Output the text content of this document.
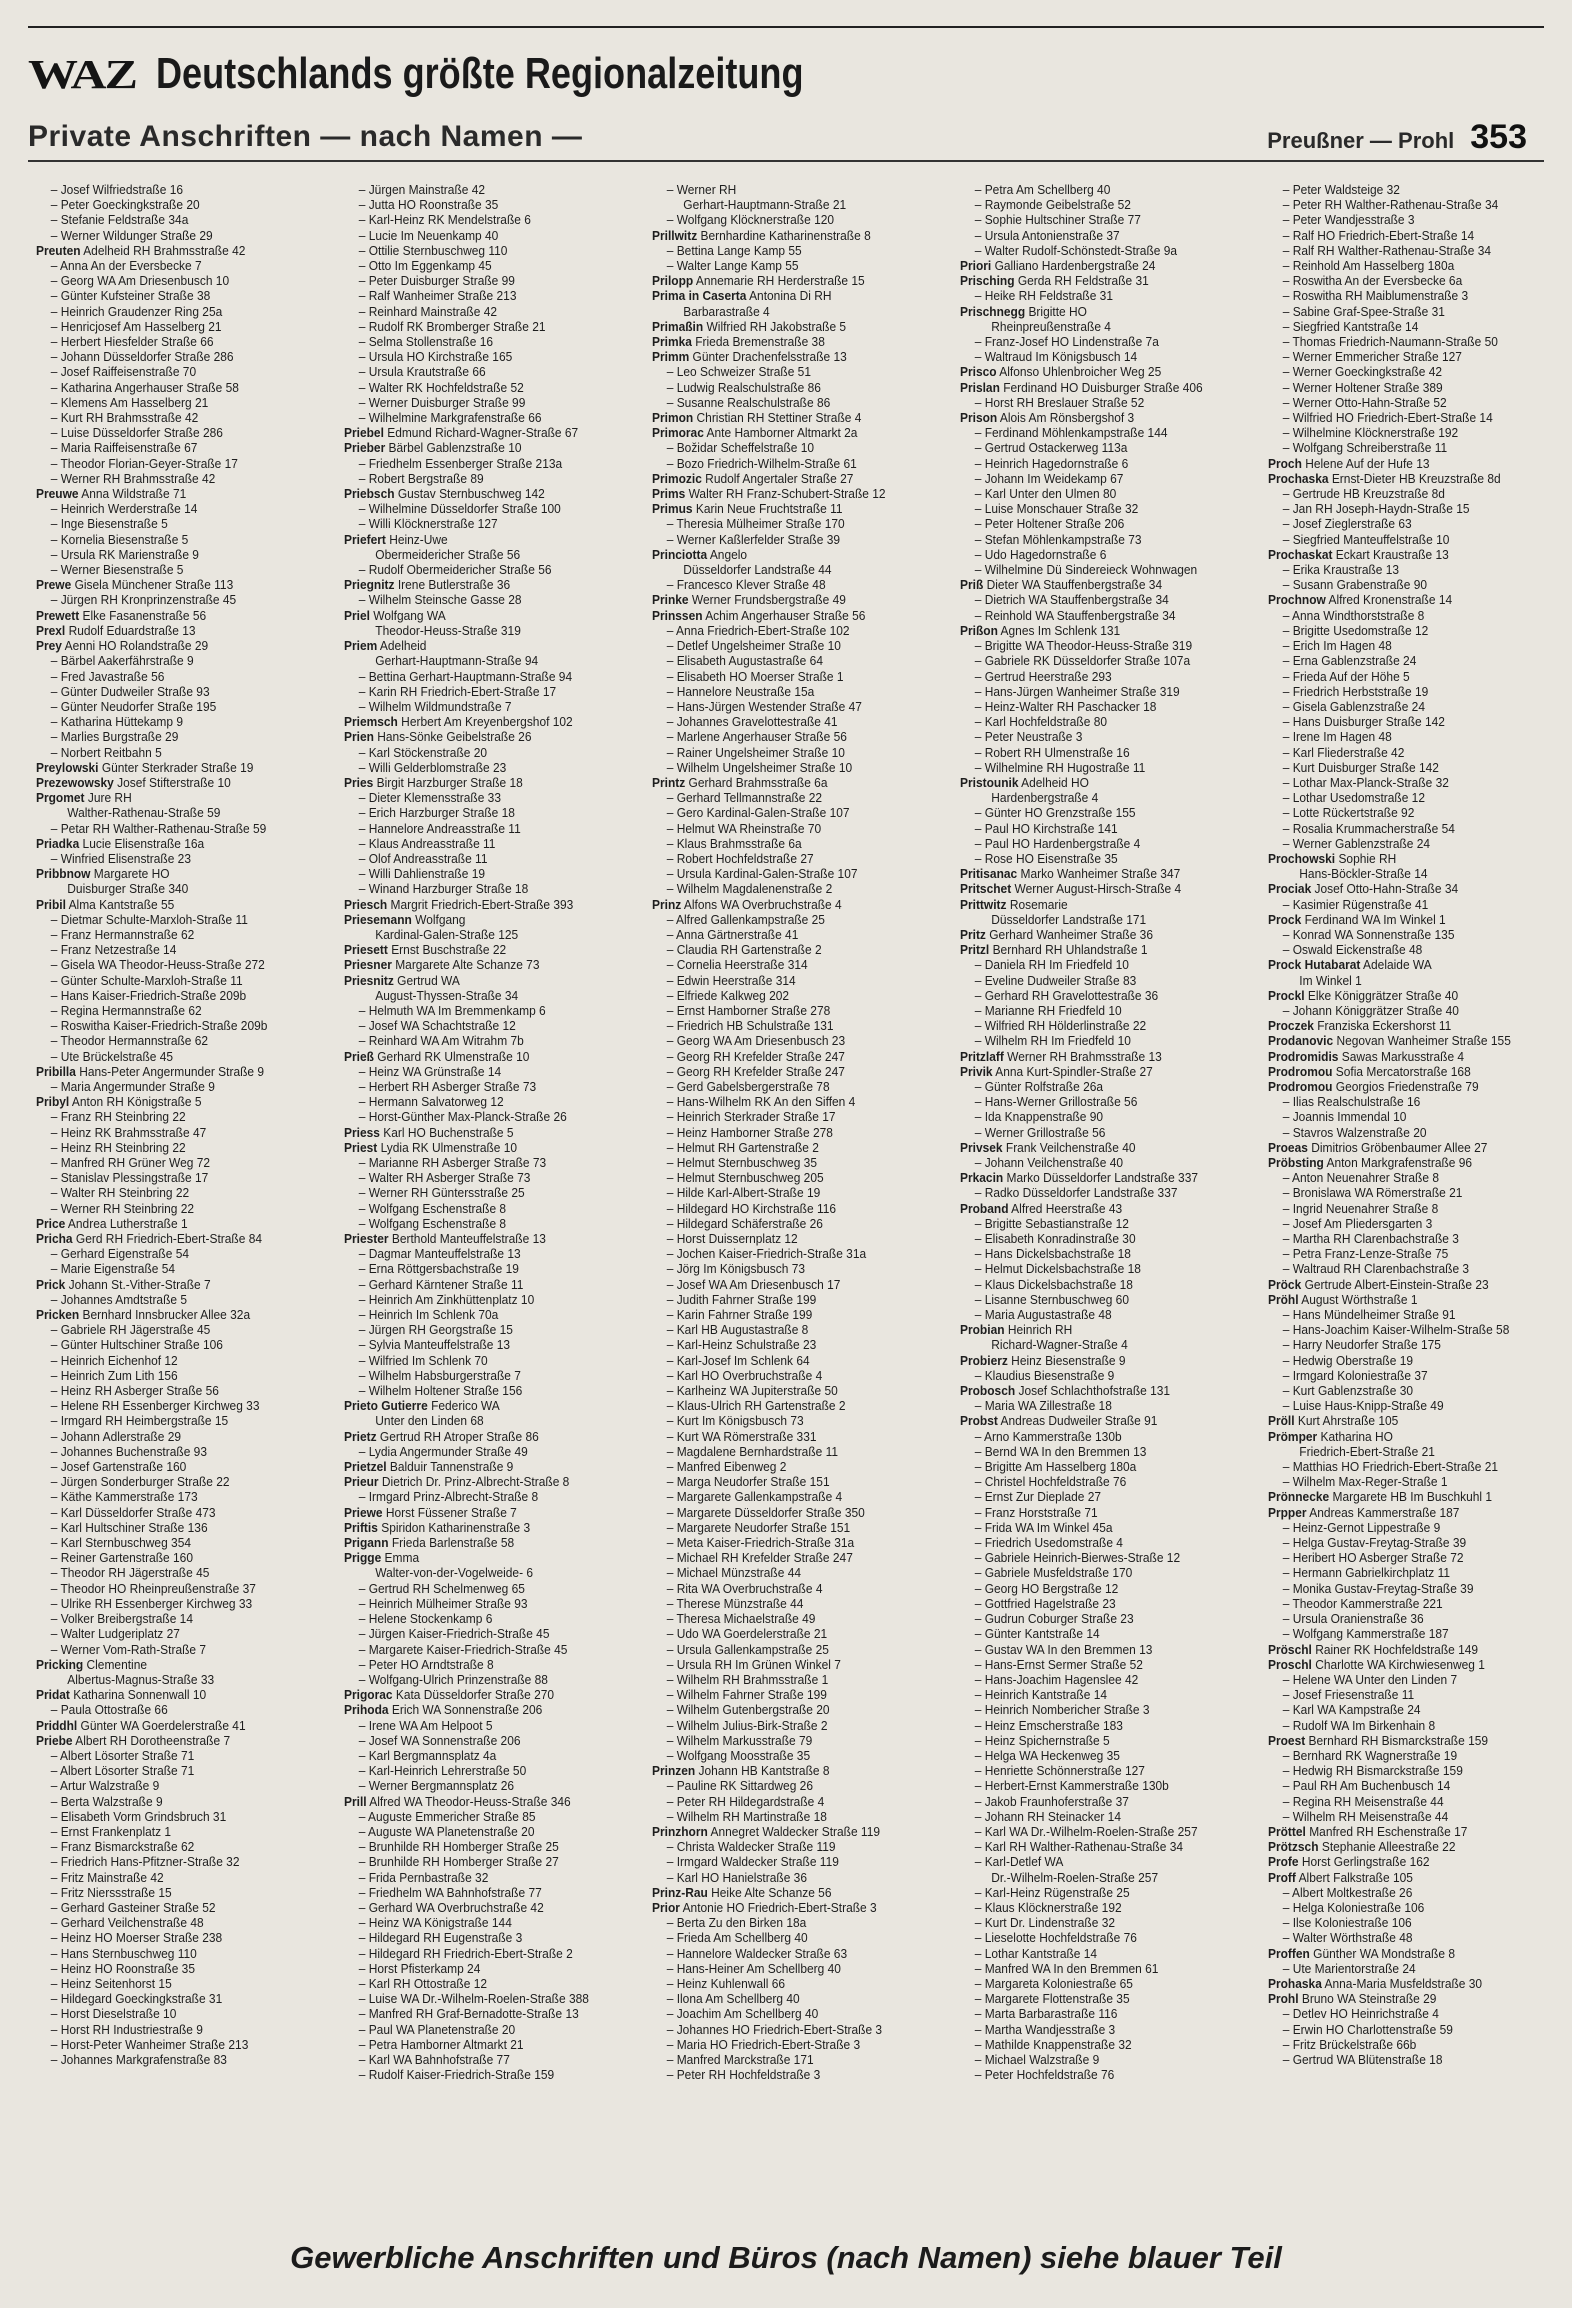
WAZ Deutschlands größte Regionalzeitung
Private Anschriften — nach Namen —	Preußner — Prohl 353
– Josef Wilfriedstraße 16
– Peter Goeckingkstraße 20
– Stefanie Feldstraße 34a
– Werner Wildunger Straße 29
Preuten Adelheid RH Brahmsstraße 42
– Anna An der Eversbecke 7
– Georg WA Am Driesenbusch 10
– Günter Kufsteiner Straße 38
– Heinrich Graudenzer Ring 25a
– Henricjosef Am Hasselberg 21
– Herbert Hiesfelder Straße 66
– Johann Düsseldorfer Straße 286
– Josef Raiffeisenstraße 70
– Katharina Angerhauser Straße 58
– Klemens Am Hasselberg 21
– Kurt RH Brahmsstraße 42
– Luise Düsseldorfer Straße 286
– Maria Raiffeisenstraße 67
– Theodor Florian-Geyer-Straße 17
– Werner RH Brahmsstraße 42
Preuwe Anna Wildstraße 71
– Heinrich Werderstraße 14
– Inge Biesenstraße 5
– Kornelia Biesenstraße 5
– Ursula RK Marienstraße 9
– Werner Biesenstraße 5
Prewe Gisela Münchener Straße 113
– Jürgen RH Kronprinzenstraße 45
Prewett Elke Fasanenstraße 56
Prexl Rudolf Eduardstraße 13
Prey Aenni HO Rolandstraße 29
– Bärbel Aakerfährstraße 9
– Fred Javastraße 56
– Günter Dudweiler Straße 93
– Günter Neudorfer Straße 195
– Katharina Hüttekamp 9
– Marlies Burgstraße 29
– Norbert Reitbahn 5
Preylowski Günter Sterkrader Straße 19
Prezewowsky Josef Stifterstraße 10
Prgomet Jure RH
Walther-Rathenau-Straße 59
– Petar RH Walther-Rathenau-Straße 59
Priadka Lucie Elisenstraße 16a
– Winfried Elisenstraße 23
Pribbnow Margarete HO
Duisburger Straße 340
Pribil Alma Kantstraße 55
– Dietmar Schulte-Marxloh-Straße 11
– Franz Hermannstraße 62
– Franz Netzestraße 14
– Gisela WA Theodor-Heuss-Straße 272
– Günter Schulte-Marxloh-Straße 11
– Hans Kaiser-Friedrich-Straße 209b
– Regina Hermannstraße 62
– Roswitha Kaiser-Friedrich-Straße 209b
– Theodor Hermannstraße 62
– Ute Brückelstraße 45
Pribilla Hans-Peter Angermunder Straße 9
– Maria Angermunder Straße 9
Pribyl Anton RH Königstraße 5
– Franz RH Steinbring 22
– Heinz RK Brahmsstraße 47
– Heinz RH Steinbring 22
– Manfred RH Grüner Weg 72
– Stanislav Plessingstraße 17
– Walter RH Steinbring 22
– Werner RH Steinbring 22
Price Andrea Lutherstraße 1
Pricha Gerd RH Friedrich-Ebert-Straße 84
– Gerhard Eigenstraße 54
– Marie Eigenstraße 54
Prick Johann St.-Vither-Straße 7
– Johannes Amdtstraße 5
Pricken Bernhard Innsbrucker Allee 32a
– Gabriele RH Jägerstraße 45
– Günter Hultschiner Straße 106
– Heinrich Eichenhof 12
– Heinrich Zum Lith 156
– Heinz RH Asberger Straße 56
– Helene RH Essenberger Kirchweg 33
– Irmgard RH Heimbergstraße 15
– Johann Adlerstraße 29
– Johannes Buchenstraße 93
– Josef Gartenstraße 160
– Jürgen Sonderburger Straße 22
– Käthe Kammerstraße 173
– Karl Düsseldorfer Straße 473
– Karl Hultschiner Straße 136
– Karl Sternbuschweg 354
– Reiner Gartenstraße 160
– Theodor RH Jägerstraße 45
– Theodor HO Rheinpreußenstraße 37
– Ulrike RH Essenberger Kirchweg 33
– Volker Breibergstraße 14
– Walter Ludgeriplatz 27
– Werner Vom-Rath-Straße 7
Pricking Clementine
Albertus-Magnus-Straße 33
Pridat Katharina Sonnenwall 10
– Paula Ottostraße 66
Priddhl Günter WA Goerdelerstraße 41
Priebe Albert RH Dorotheenstraße 7
– Albert Lösorter Straße 71
– Albert Lösorter Straße 71
– Artur Walzstraße 9
– Berta Walzstraße 9
– Elisabeth Vorm Grindsbruch 31
– Ernst Frankenplatz 1
– Franz Bismarckstraße 62
– Friedrich Hans-Pfitzner-Straße 32
– Fritz Mainstraße 42
– Fritz Nierssstraße 15
– Gerhard Gasteiner Straße 52
– Gerhard Veilchenstraße 48
– Heinz HO Moerser Straße 238
– Hans Sternbuschweg 110
– Heinz HO Roonstraße 35
– Heinz Seitenhorst 15
– Hildegard Goeckingkstraße 31
– Horst Dieselstraße 10
– Horst RH Industriestraße 9
– Horst-Peter Wanheimer Straße 213
– Johannes Markgrafenstraße 83
– Jürgen Mainstraße 42
– Jutta HO Roonstraße 35
– Karl-Heinz RK Mendelstraße 6
– Lucie Im Neuenkamp 40
– Ottilie Sternbuschweg 110
– Otto Im Eggenkamp 45
– Peter Duisburger Straße 99
– Ralf Wanheimer Straße 213
– Reinhard Mainstraße 42
– Rudolf RK Bromberger Straße 21
– Selma Stollenstraße 16
– Ursula HO Kirchstraße 165
– Ursula Krautstraße 66
– Walter RK Hochfeldstraße 52
– Werner Duisburger Straße 99
– Wilhelmine Markgrafenstraße 66
Priebel Edmund Richard-Wagner-Straße 67
Prieber Bärbel Gablenzstraße 10
– Friedhelm Essenberger Straße 213a
– Robert Bergstraße 89
Priebsch Gustav Sternbuschweg 142
– Wilhelmine Düsseldorfer Straße 100
– Willi Klöcknerstraße 127
Priefert Heinz-Uwe
Obermeidericher Straße 56
– Rudolf Obermeidericher Straße 56
Priegnitz Irene Butlerstraße 36
– Wilhelm Steinsche Gasse 28
Priel Wolfgang WA
Theodor-Heuss-Straße 319
Priem Adelheid
Gerhart-Hauptmann-Straße 94
– Bettina Gerhart-Hauptmann-Straße 94
– Karin RH Friedrich-Ebert-Straße 17
– Wilhelm Wildmundstraße 7
Priemsch Herbert Am Kreyenbergshof 102
Prien Hans-Sönke Geibelstraße 26
– Karl Stöckenstraße 20
– Willi Gelderblomstraße 23
Pries Birgit Harzburger Straße 18
– Dieter Klemensstraße 33
– Erich Harzburger Straße 18
– Hannelore Andreasstraße 11
– Klaus Andreasstraße 11
– Olof Andreasstraße 11
– Willi Dahlienstraße 19
– Winand Harzburger Straße 18
Priesch Margrit Friedrich-Ebert-Straße 393
Priesemann Wolfgang
Kardinal-Galen-Straße 125
Priesett Ernst Buschstraße 22
Priesner Margarete Alte Schanze 73
Priesnitz Gertrud WA
August-Thyssen-Straße 34
– Helmuth WA Im Bremmenkamp 6
– Josef WA Schachtstraße 12
– Reinhard WA Am Witrahm 7b
Prieß Gerhard RK Ulmenstraße 10
– Heinz WA Grünstraße 14
– Herbert RH Asberger Straße 73
– Hermann Salvatorweg 12
– Horst-Günther Max-Planck-Straße 26
Priess Karl HO Buchenstraße 5
Priest Lydia RK Ulmenstraße 10
– Marianne RH Asberger Straße 73
– Walter RH Asberger Straße 73
– Werner RH Güntersstraße 25
– Wolfgang Eschenstraße 8
– Wolfgang Eschenstraße 8
Priester Berthold Manteuffelstraße 13
– Dagmar Manteuffelstraße 13
– Erna Röttgersbachstraße 19
– Gerhard Kärntener Straße 11
– Heinrich Am Zinkhüttenplatz 10
– Heinrich Im Schlenk 70a
– Jürgen RH Georgstraße 15
– Sylvia Manteuffelstraße 13
– Wilfried Im Schlenk 70
– Wilhelm Habsburgerstraße 7
– Wilhelm Holtener Straße 156
Prieto Gutierre Federico WA
Unter den Linden 68
Prietz Gertrud RH Atroper Straße 86
– Lydia Angermunder Straße 49
Prietzel Balduir Tannenstraße 9
Prieur Dietrich Dr. Prinz-Albrecht-Straße 8
– Irmgard Prinz-Albrecht-Straße 8
Priewe Horst Füssener Straße 7
Priftis Spiridon Katharinenstraße 3
Prigann Frieda Barlenstraße 58
Prigge Emma
Walter-von-der-Vogelweide- 6
– Gertrud RH Schelmenweg 65
– Heinrich Mülheimer Straße 93
– Helene Stockenkamp 6
– Jürgen Kaiser-Friedrich-Straße 45
– Margarete Kaiser-Friedrich-Straße 45
– Peter HO Arndtstraße 8
– Wolfgang-Ulrich Prinzenstraße 88
Prigorac Kata Düsseldorfer Straße 270
Prihoda Erich WA Sonnenstraße 206
– Irene WA Am Helpoot 5
– Josef WA Sonnenstraße 206
– Karl Bergmannsplatz 4a
– Karl-Heinrich Lehrerstraße 50
– Werner Bergmannsplatz 26
Prill Alfred WA Theodor-Heuss-Straße 346
– Auguste Emmericher Straße 85
– Auguste WA Planetenstraße 20
– Brunhilde RH Homberger Straße 25
– Brunhilde RH Homberger Straße 27
– Frida Pernbastraße 32
– Friedhelm WA Bahnhofstraße 77
– Gerhard WA Overbruchstraße 42
– Heinz WA Königstraße 144
– Hildegard RH Eugenstraße 3
– Hildegard RH Friedrich-Ebert-Straße 2
– Horst Pfisterkamp 24
– Karl RH Ottostraße 12
– Luise WA Dr.-Wilhelm-Roelen-Straße 388
– Manfred RH Graf-Bernadotte-Straße 13
– Paul WA Planetenstraße 20
– Petra Hamborner Altmarkt 21
– Karl WA Bahnhofstraße 77
– Rudolf Kaiser-Friedrich-Straße 159
– Werner RH
Gerhart-Hauptmann-Straße 21
– Wolfgang Klöcknerstraße 120
Prillwitz Bernhardine Katharinenstraße 8
– Bettina Lange Kamp 55
– Walter Lange Kamp 55
Prilopp Annemarie RH Herderstraße 15
Prima in Caserta Antonina Di RH
Barbarastraße 4
Primaßin Wilfried RH Jakobstraße 5
Primka Frieda Bremenstraße 38
Primm Günter Drachenfelsstraße 13
– Leo Schweizer Straße 51
– Ludwig Realschulstraße 86
– Susanne Realschulstraße 86
Primon Christian RH Stettiner Straße 4
Primorac Ante Hamborner Altmarkt 2a
– Božidar Scheffelstraße 10
– Bozo Friedrich-Wilhelm-Straße 61
Primozic Rudolf Angertaler Straße 27
Prims Walter RH Franz-Schubert-Straße 12
Primus Karin Neue Fruchtstraße 11
– Theresia Mülheimer Straße 170
– Werner Kaßlerfelder Straße 39
Princiotta Angelo
Düsseldorfer Landstraße 44
– Francesco Klever Straße 48
Prinke Werner Frundsbergstraße 49
Prinssen Achim Angerhauser Straße 56
– Anna Friedrich-Ebert-Straße 102
– Detlef Ungelsheimer Straße 10
– Elisabeth Augustastraße 64
– Elisabeth HO Moerser Straße 1
– Hannelore Neustraße 15a
– Hans-Jürgen Westender Straße 47
– Johannes Gravelottestraße 41
– Marlene Angerhauser Straße 56
– Rainer Ungelsheimer Straße 10
– Wilhelm Ungelsheimer Straße 10
Printz Gerhard Brahmsstraße 6a
– Gerhard Tellmannstraße 22
– Gero Kardinal-Galen-Straße 107
– Helmut WA Rheinstraße 70
– Klaus Brahmsstraße 6a
– Robert Hochfeldstraße 27
– Ursula Kardinal-Galen-Straße 107
– Wilhelm Magdalenenstraße 2
Prinz Alfons WA Overbruchstraße 4
– Alfred Gallenkampstraße 25
– Anna Gärtnerstraße 41
– Claudia RH Gartenstraße 2
– Cornelia Heerstraße 314
– Edwin Heerstraße 314
– Elfriede Kalkweg 202
– Ernst Hamborner Straße 278
– Friedrich HB Schulstraße 131
– Georg WA Am Driesenbusch 23
– Georg RH Krefelder Straße 247
– Georg RH Krefelder Straße 247
– Gerd Gabelsbergerstraße 78
– Hans-Wilhelm RK An den Siffen 4
– Heinrich Sterkrader Straße 17
– Heinz Hamborner Straße 278
– Helmut RH Gartenstraße 2
– Helmut Sternbuschweg 35
– Helmut Sternbuschweg 205
– Hilde Karl-Albert-Straße 19
– Hildegard HO Kirchstraße 116
– Hildegard Schäferstraße 26
– Horst Duissernplatz 12
– Jochen Kaiser-Friedrich-Straße 31a
– Jörg Im Königsbusch 73
– Josef WA Am Driesenbusch 17
– Judith Fahrner Straße 199
– Karin Fahrner Straße 199
– Karl HB Augustastraße 8
– Karl-Heinz Schulstraße 23
– Karl-Josef Im Schlenk 64
– Karl HO Overbruchstraße 4
– Karlheinz WA Jupiterstraße 50
– Klaus-Ulrich RH Gartenstraße 2
– Kurt Im Königsbusch 73
– Kurt WA Römerstraße 331
– Magdalene Bernhardstraße 11
– Manfred Eibenweg 2
– Marga Neudorfer Straße 151
– Margarete Gallenkampstraße 4
– Margarete Düsseldorfer Straße 350
– Margarete Neudorfer Straße 151
– Meta Kaiser-Friedrich-Straße 31a
– Michael RH Krefelder Straße 247
– Michael Münzstraße 44
– Rita WA Overbruchstraße 4
– Therese Münzstraße 44
– Theresa Michaelstraße 49
– Udo WA Goerdelerstraße 21
– Ursula Gallenkampstraße 25
– Ursula RH Im Grünen Winkel 7
– Wilhelm RH Brahmsstraße 1
– Wilhelm Fahrner Straße 199
– Wilhelm Gutenbergstraße 20
– Wilhelm Julius-Birk-Straße 2
– Wilhelm Markusstraße 79
– Wolfgang Moosstraße 35
Prinzen Johann HB Kantstraße 8
– Pauline RK Sittardweg 26
– Peter RH Hildegardstraße 4
– Wilhelm RH Martinstraße 18
Prinzhorn Annegret Waldecker Straße 119
– Christa Waldecker Straße 119
– Irmgard Waldecker Straße 119
– Karl HO Hanielstraße 36
Prinz-Rau Heike Alte Schanze 56
Prior Antonie HO Friedrich-Ebert-Straße 3
– Berta Zu den Birken 18a
– Frieda Am Schellberg 40
– Hannelore Waldecker Straße 63
– Hans-Heiner Am Schellberg 40
– Heinz Kuhlenwall 66
– Ilona Am Schellberg 40
– Joachim Am Schellberg 40
– Johannes HO Friedrich-Ebert-Straße 3
– Maria HO Friedrich-Ebert-Straße 3
– Manfred Marckstraße 171
– Peter RH Hochfeldstraße 3
– Petra Am Schellberg 40
– Raymonde Geibelstraße 52
– Sophie Hultschiner Straße 77
– Ursula Antonienstraße 37
– Walter Rudolf-Schönstedt-Straße 9a
Priori Galliano Hardenbergstraße 24
Prisching Gerda RH Feldstraße 31
– Heike RH Feldstraße 31
Prischnegg Brigitte HO
Rheinpreußenstraße 4
– Franz-Josef HO Lindenstraße 7a
– Waltraud Im Königsbusch 14
Prisco Alfonso Uhlenbroicher Weg 25
Prislan Ferdinand HO Duisburger Straße 406
– Horst RH Breslauer Straße 52
Prison Alois Am Rönsbergshof 3
– Ferdinand Möhlenkampstraße 144
– Gertrud Ostackerweg 113a
– Heinrich Hagedornstraße 6
– Johann Im Weidekamp 67
– Karl Unter den Ulmen 80
– Luise Monschauer Straße 32
– Peter Holtener Straße 206
– Stefan Möhlenkampstraße 73
– Udo Hagedornstraße 6
– Wilhelmine Dü Sindereieck Wohnwagen
Priß Dieter WA Stauffenbergstraße 34
– Dietrich WA Stauffenbergstraße 34
– Reinhold WA Stauffenbergstraße 34
Prißon Agnes Im Schlenk 131
– Brigitte WA Theodor-Heuss-Straße 319
– Gabriele RK Düsseldorfer Straße 107a
– Gertrud Heerstraße 293
– Hans-Jürgen Wanheimer Straße 319
– Heinz-Walter RH Paschacker 18
– Karl Hochfeldstraße 80
– Peter Neustraße 3
– Robert RH Ulmenstraße 16
– Wilhelmine RH Hugostraße 11
Pristounik Adelheid HO
Hardenbergstraße 4
– Günter HO Grenzstraße 155
– Paul HO Kirchstraße 141
– Paul HO Hardenbergstraße 4
– Rose HO Eisenstraße 35
Pritisanac Marko Wanheimer Straße 347
Pritschet Werner August-Hirsch-Straße 4
Prittwitz Rosemarie
Düsseldorfer Landstraße 171
Pritz Gerhard Wanheimer Straße 36
Pritzl Bernhard RH Uhlandstraße 1
– Daniela RH Im Friedfeld 10
– Eveline Dudweiler Straße 83
– Gerhard RH Gravelottestraße 36
– Marianne RH Friedfeld 10
– Wilfried RH Hölderlinstraße 22
– Wilhelm RH Im Friedfeld 10
Pritzlaff Werner RH Brahmsstraße 13
Privik Anna Kurt-Spindler-Straße 27
– Günter Rolfstraße 26a
– Hans-Werner Grillostraße 56
– Ida Knappenstraße 90
– Werner Grillostraße 56
Privsek Frank Veilchenstraße 40
– Johann Veilchenstraße 40
Prkacin Marko Düsseldorfer Landstraße 337
– Radko Düsseldorfer Landstraße 337
Proband Alfred Heerstraße 43
– Brigitte Sebastianstraße 12
– Elisabeth Konradinstraße 30
– Hans Dickelsbachstraße 18
– Helmut Dickelsbachstraße 18
– Klaus Dickelsbachstraße 18
– Lisanne Sternbuschweg 60
– Maria Augustastraße 48
Probian Heinrich RH
Richard-Wagner-Straße 4
Probierz Heinz Biesenstraße 9
– Klaudius Biesenstraße 9
Probosch Josef Schlachthofstraße 131
– Maria WA Zillestraße 18
Probst Andreas Dudweiler Straße 91
– Arno Kammerstraße 130b
– Bernd WA In den Bremmen 13
– Brigitte Am Hasselberg 180a
– Christel Hochfeldstraße 76
– Ernst Zur Dieplade 27
– Franz Horststraße 71
– Frida WA Im Winkel 45a
– Friedrich Usedomstraße 4
– Gabriele Heinrich-Bierwes-Straße 12
– Gabriele Musfeldstraße 170
– Georg HO Bergstraße 12
– Gottfried Hagelstraße 23
– Gudrun Coburger Straße 23
– Günter Kantstraße 14
– Gustav WA In den Bremmen 13
– Hans-Ernst Sermer Straße 52
– Hans-Joachim Hagenslee 42
– Heinrich Kantstraße 14
– Heinrich Nombericher Straße 3
– Heinz Emscherstraße 183
– Heinz Spichernstraße 5
– Helga WA Heckenweg 35
– Henriette Schönnerstraße 127
– Herbert-Ernst Kammerstraße 130b
– Jakob Fraunhoferstraße 37
– Johann RH Steinacker 14
– Karl WA Dr.-Wilhelm-Roelen-Straße 257
– Karl RH Walther-Rathenau-Straße 34
– Karl-Detlef WA
Dr.-Wilhelm-Roelen-Straße 257
– Karl-Heinz Rügenstraße 25
– Klaus Klöcknerstraße 192
– Kurt Dr. Lindenstraße 32
– Lieselotte Hochfeldstraße 76
– Lothar Kantstraße 14
– Manfred WA In den Bremmen 61
– Margareta Koloniestraße 65
– Margarete Flottenstraße 35
– Marta Barbarastraße 116
– Martha Wandjesstraße 3
– Mathilde Knappenstraße 32
– Michael Walzstraße 9
– Peter Hochfeldstraße 76
– Peter Waldsteige 32
– Peter RH Walther-Rathenau-Straße 34
– Peter Wandjesstraße 3
– Ralf HO Friedrich-Ebert-Straße 14
– Ralf RH Walther-Rathenau-Straße 34
– Reinhold Am Hasselberg 180a
– Roswitha An der Eversbecke 6a
– Roswitha RH Maiblumenstraße 3
– Sabine Graf-Spee-Straße 31
– Siegfried Kantstraße 14
– Thomas Friedrich-Naumann-Straße 50
– Werner Emmericher Straße 127
– Werner Goeckingkstraße 42
– Werner Holtener Straße 389
– Werner Otto-Hahn-Straße 52
– Wilfried HO Friedrich-Ebert-Straße 14
– Wilhelmine Klöcknerstraße 192
– Wolfgang Schreiberstraße 11
Proch Helene Auf der Hufe 13
Prochaska Ernst-Dieter HB Kreuzstraße 8d
– Gertrude HB Kreuzstraße 8d
– Jan RH Joseph-Haydn-Straße 15
– Josef Zieglerstraße 63
– Siegfried Manteuffelstraße 10
Prochaskat Eckart Kraustraße 13
– Erika Kraustraße 13
– Susann Grabenstraße 90
Prochnow Alfred Kronenstraße 14
– Anna Windthorststraße 8
– Brigitte Usedomstraße 12
– Erich Im Hagen 48
– Erna Gablenzstraße 24
– Frieda Auf der Höhe 5
– Friedrich Herbststraße 19
– Gisela Gablenzstraße 24
– Hans Duisburger Straße 142
– Irene Im Hagen 48
– Karl Fliederstraße 42
– Kurt Duisburger Straße 142
– Lothar Max-Planck-Straße 32
– Lothar Usedomstraße 12
– Lotte Rückertstraße 92
– Rosalia Krummacherstraße 54
– Werner Gablenzstraße 24
Prochowski Sophie RH
Hans-Böckler-Straße 14
Prociak Josef Otto-Hahn-Straße 34
– Kasimier Rügenstraße 41
Prock Ferdinand WA Im Winkel 1
– Konrad WA Sonnenstraße 135
– Oswald Eickenstraße 48
Prock Hutabarat Adelaide WA
Im Winkel 1
Prockl Elke Königgrätzer Straße 40
– Johann Königgrätzer Straße 40
Proczek Franziska Eckershorst 11
Prodanovic Negovan Wanheimer Straße 155
Prodromidis Sawas Markusstraße 4
Prodromou Sofia Mercatorstraße 168
Prodromou Georgios Friedenstraße 79
– Ilias Realschulstraße 16
– Joannis Immendal 10
– Stavros Walzenstraße 20
Proeas Dimitrios Gröbenbaumer Allee 27
Pröbsting Anton Markgrafenstraße 96
– Anton Neuenahrer Straße 8
– Bronislawa WA Römerstraße 21
– Ingrid Neuenahrer Straße 8
– Josef Am Pliedersgarten 3
– Martha RH Clarenbachstraße 3
– Petra Franz-Lenze-Straße 75
– Waltraud RH Clarenbachstraße 3
Pröck Gertrude Albert-Einstein-Straße 23
Pröhl August Wörthstraße 1
– Hans Mündelheimer Straße 91
– Hans-Joachim Kaiser-Wilhelm-Straße 58
– Harry Neudorfer Straße 175
– Hedwig Oberstraße 19
– Irmgard Koloniestraße 37
– Kurt Gablenzstraße 30
– Luise Haus-Knipp-Straße 49
Pröll Kurt Ahrstraße 105
Prömper Katharina HO
Friedrich-Ebert-Straße 21
– Matthias HO Friedrich-Ebert-Straße 21
– Wilhelm Max-Reger-Straße 1
Prönnecke Margarete HB Im Buschkuhl 1
Prpper Andreas Kammerstraße 187
– Heinz-Gernot Lippestraße 9
– Helga Gustav-Freytag-Straße 39
– Heribert HO Asberger Straße 72
– Hermann Gabrielkirchplatz 11
– Monika Gustav-Freytag-Straße 39
– Theodor Kammerstraße 221
– Ursula Oranienstraße 36
– Wolfgang Kammerstraße 187
Pröschl Rainer RK Hochfeldstraße 149
Proschl Charlotte WA Kirchwiesenweg 1
– Helene WA Unter den Linden 7
– Josef Friesenstraße 11
– Karl WA Kampstraße 24
– Rudolf WA Im Birkenhain 8
Proest Bernhard RH Bismarckstraße 159
– Bernhard RK Wagnerstraße 19
– Hedwig RH Bismarckstraße 159
– Paul RH Am Buchenbusch 14
– Regina RH Meisenstraße 44
– Wilhelm RH Meisenstraße 44
Pröttel Manfred RH Eschenstraße 17
Prötzsch Stephanie Alleestraße 22
Profe Horst Gerlingstraße 162
Proff Albert Falkstraße 105
– Albert Moltkestraße 26
– Helga Koloniestraße 106
– Ilse Koloniestraße 106
– Walter Wörthstraße 48
Proffen Günther WA Mondstraße 8
– Ute Marientorstraße 24
Prohaska Anna-Maria Musfeldstraße 30
Prohl Bruno WA Steinstraße 29
– Detlev HO Heinrichstraße 4
– Erwin HO Charlottenstraße 59
– Fritz Brückelstraße 66b
– Gertrud WA Blütenstraße 18
Gewerbliche Anschriften und Büros (nach Namen) siehe blauer Teil
